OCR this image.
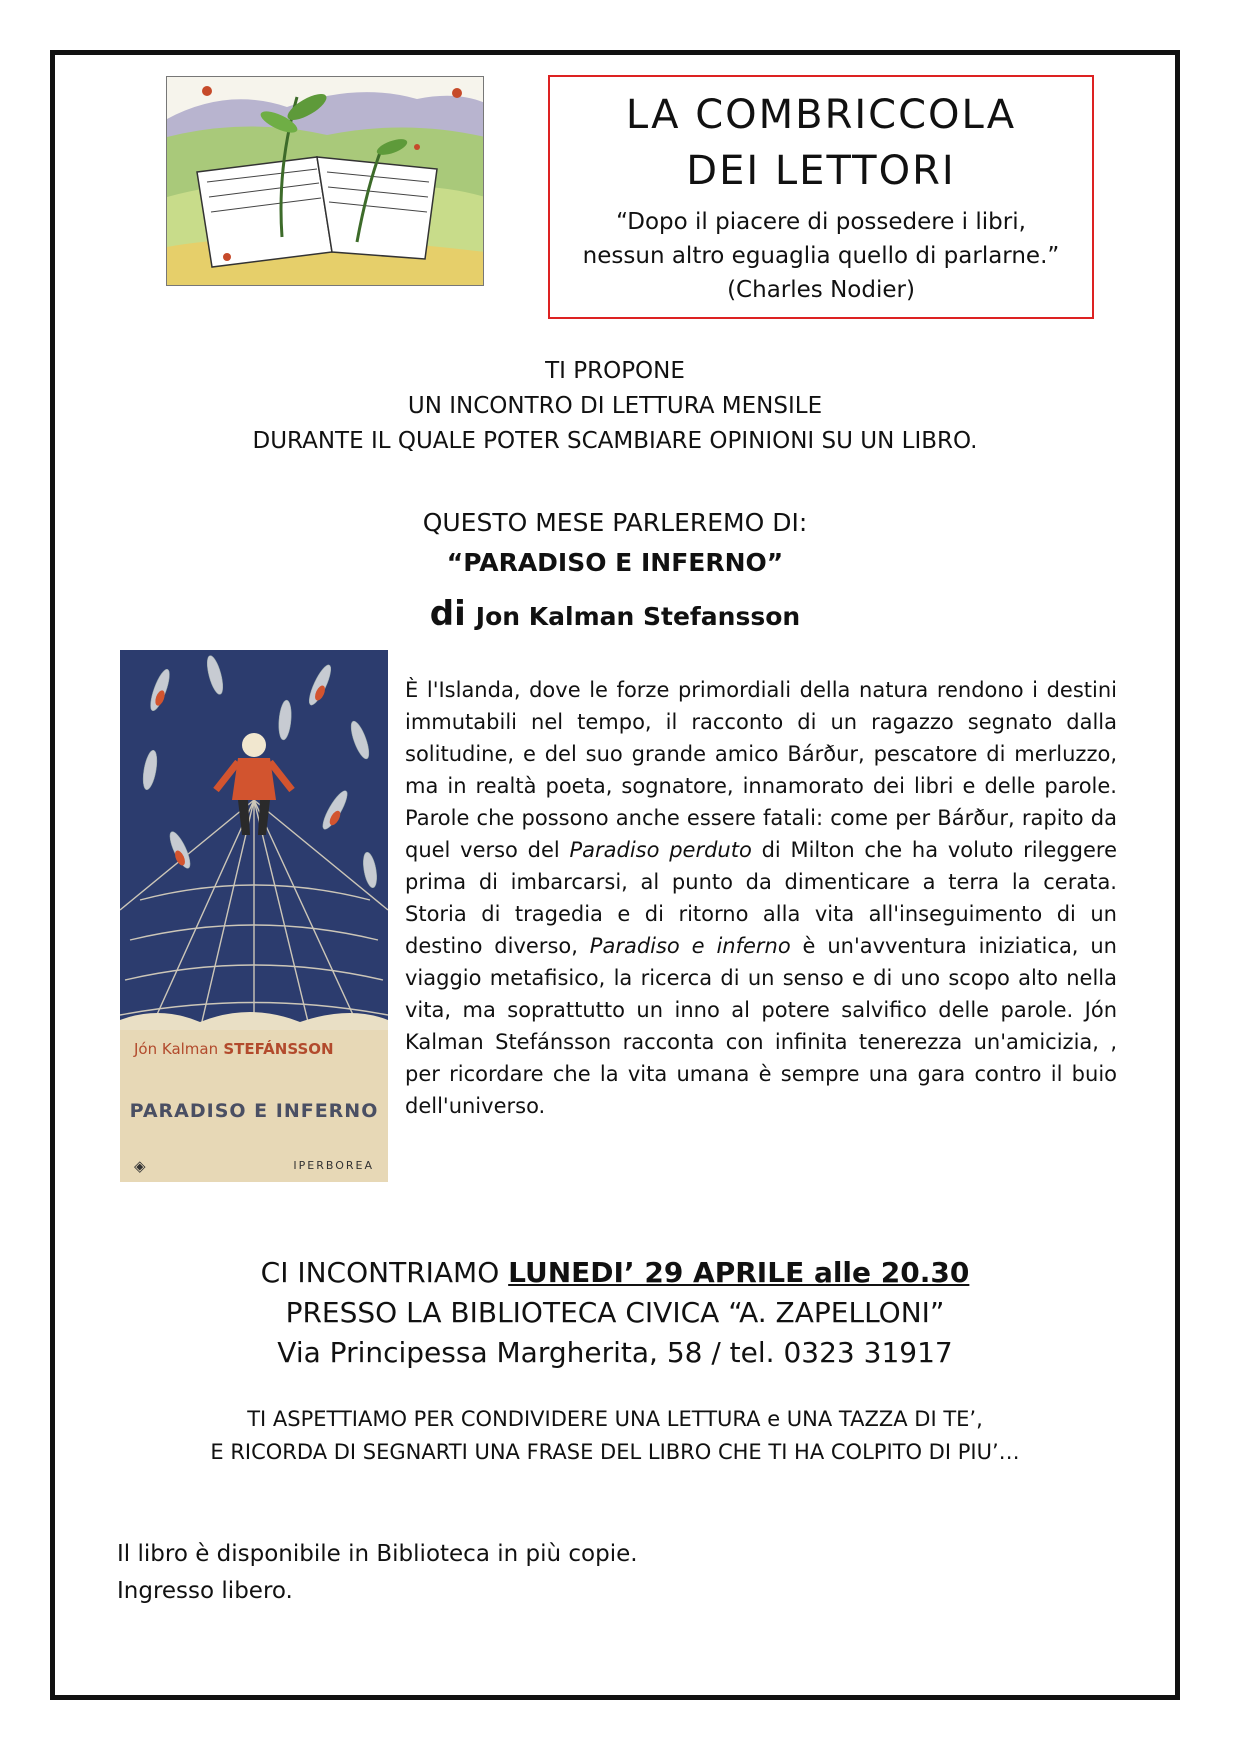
LA COMBRICCOLA
DEI LETTORI
“Dopo il piacere di possedere i libri,
nessun altro eguaglia quello di parlarne.”
(Charles Nodier)
TI PROPONE
UN INCONTRO DI LETTURA MENSILE
DURANTE IL QUALE POTER SCAMBIARE OPINIONI SU UN LIBRO.
QUESTO MESE PARLEREMO DI:
“PARADISO E INFERNO”
di Jon Kalman Stefansson
Jón Kalman STEFÁNSSON
PARADISO E INFERNO
◈	IPERBOREA
È l'Islanda, dove le forze primordiali della natura rendono i destini immutabili nel tempo, il racconto di un ragazzo segnato dalla solitudine, e del suo grande amico Bárður, pescatore di merluzzo, ma in realtà poeta, sognatore, innamorato dei libri e delle parole. Parole che possono anche essere fatali: come per Bárður, rapito da quel verso del Paradiso perduto di Milton che ha voluto rileggere prima di imbarcarsi, al punto da dimenticare a terra la cerata. Storia di tragedia e di ritorno alla vita all'inseguimento di un destino diverso, Paradiso e inferno è un'avventura iniziatica, un viaggio metafisico, la ricerca di un senso e di uno scopo alto nella vita, ma soprattutto un inno al potere salvifico delle parole. Jón Kalman Stefánsson racconta con infinita tenerezza un'amicizia, , per ricordare che la vita umana è sempre una gara contro il buio dell'universo.
CI INCONTRIAMO LUNEDI’ 29 APRILE alle 20.30
PRESSO LA BIBLIOTECA CIVICA “A. ZAPELLONI”
Via Principessa Margherita, 58 / tel. 0323 31917
TI ASPETTIAMO PER CONDIVIDERE UNA LETTURA e UNA TAZZA DI TE’,
E RICORDA DI SEGNARTI UNA FRASE DEL LIBRO CHE TI HA COLPITO DI PIU’…
Il libro è disponibile in Biblioteca in più copie.
Ingresso libero.
